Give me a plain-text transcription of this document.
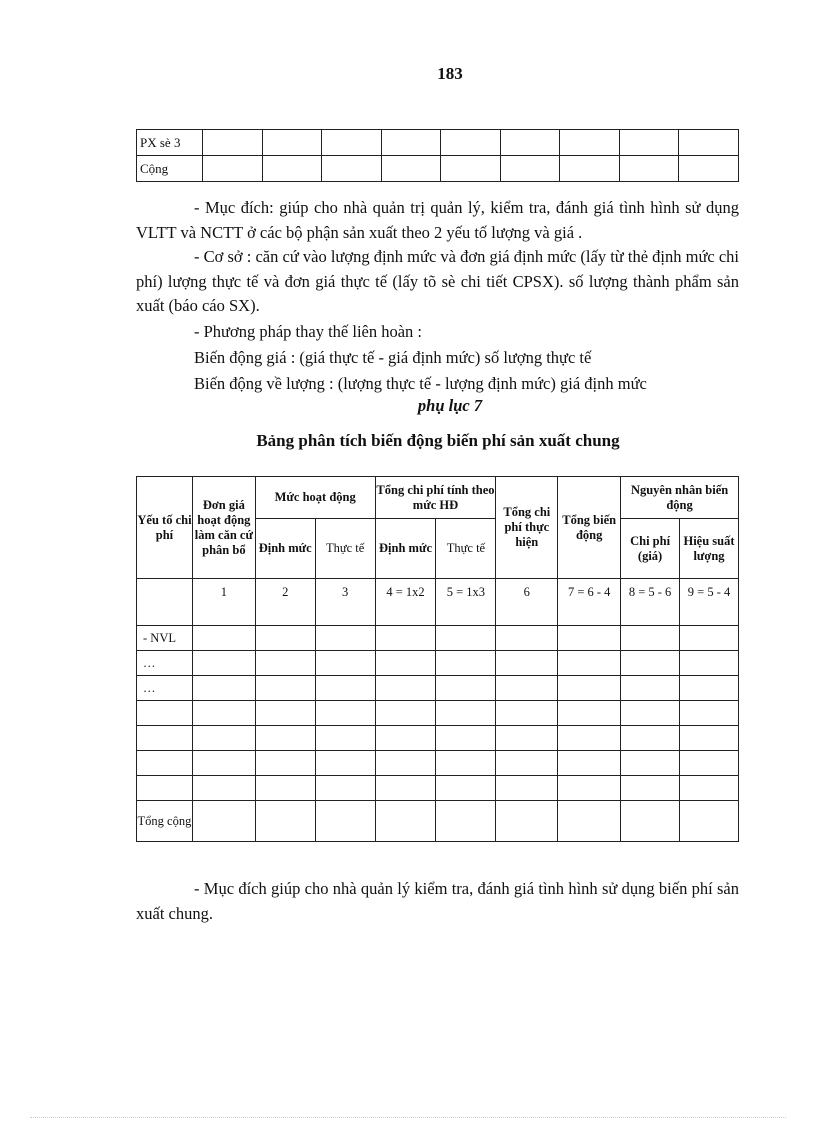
183
PX sè 3									
Cộng									
- Mục đích: giúp cho nhà quản trị quản lý, kiểm tra, đánh giá tình hình sử dụng VLTT và NCTT ở các bộ phận sản xuất theo 2 yếu tố lượng và giá .
- Cơ sở : căn cứ vào lượng định mức và đơn giá định mức (lấy từ thẻ định mức chi phí) lượng thực tế và đơn giá thực tế (lấy tõ sè chi tiết CPSX). số lượng thành phẩm sản xuất (báo cáo SX).
- Phương pháp thay thế liên hoàn :
Biến động giá : (giá thực tế - giá định mức) số lượng thực tế
Biến động về lượng : (lượng thực tế - lượng định mức) giá định mức
phụ lục 7
Bảng phân tích biến động biến phí sản xuất chung
Yếu tố chi phí	Đơn giá hoạt động làm căn cứ phân bổ	Mức hoạt động		Tổng chi phí tính theo mức HĐ		Tổng chi phí thực hiện	Tổng biến động	Nguyên nhân biến động	
		Định mức	Thực tế	Định mức	Thực tế			Chi phí (giá)	Hiệu suất lượng
	1	2	3	4 = 1x2	5 = 1x3	6	7 = 6 - 4	8 = 5 - 6	9 = 5 - 4
- NVL									
…									
…									

Tổng cộng									
- Mục đích giúp cho nhà quản lý kiểm tra, đánh giá tình hình sử dụng biến phí sản xuất chung.
